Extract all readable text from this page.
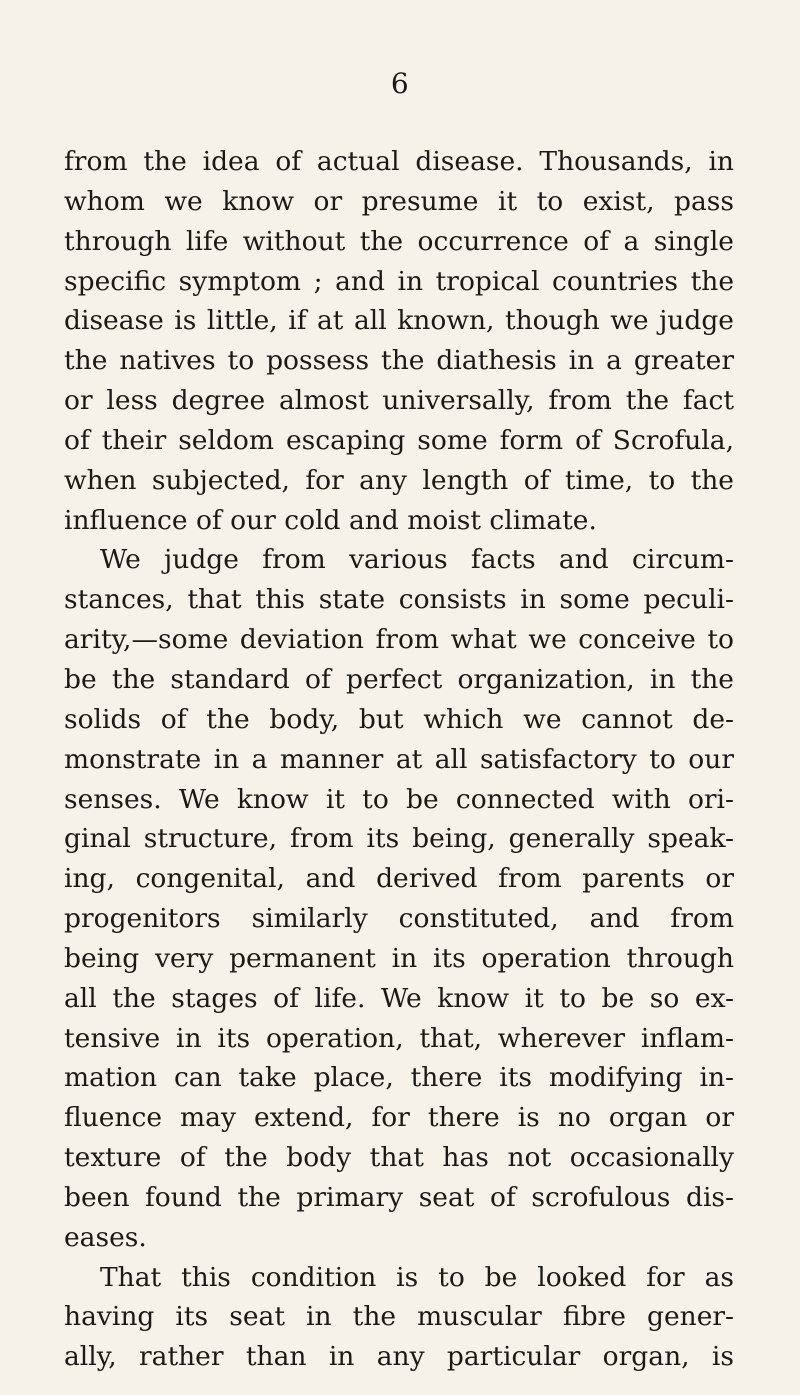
6
from the idea of actual disease. Thousands, in
whom we know or presume it to exist, pass
through life without the occurrence of a single
specific symptom ; and in tropical countries the
disease is little, if at all known, though we judge
the natives to possess the diathesis in a greater
or less degree almost universally, from the fact
of their seldom escaping some form of Scrofula,
when subjected, for any length of time, to the
influence of our cold and moist climate.
We judge from various facts and circum-
stances, that this state consists in some peculi-
arity,—some deviation from what we conceive to
be the standard of perfect organization, in the
solids of the body, but which we cannot de-
monstrate in a manner at all satisfactory to our
senses. We know it to be connected with ori-
ginal structure, from its being, generally speak-
ing, congenital, and derived from parents or
progenitors similarly constituted, and from
being very permanent in its operation through
all the stages of life. We know it to be so ex-
tensive in its operation, that, wherever inflam-
mation can take place, there its modifying in-
fluence may extend, for there is no organ or
texture of the body that has not occasionally
been found the primary seat of scrofulous dis-
eases.
That this condition is to be looked for as
having its seat in the muscular fibre gener-
ally, rather than in any particular organ, is
